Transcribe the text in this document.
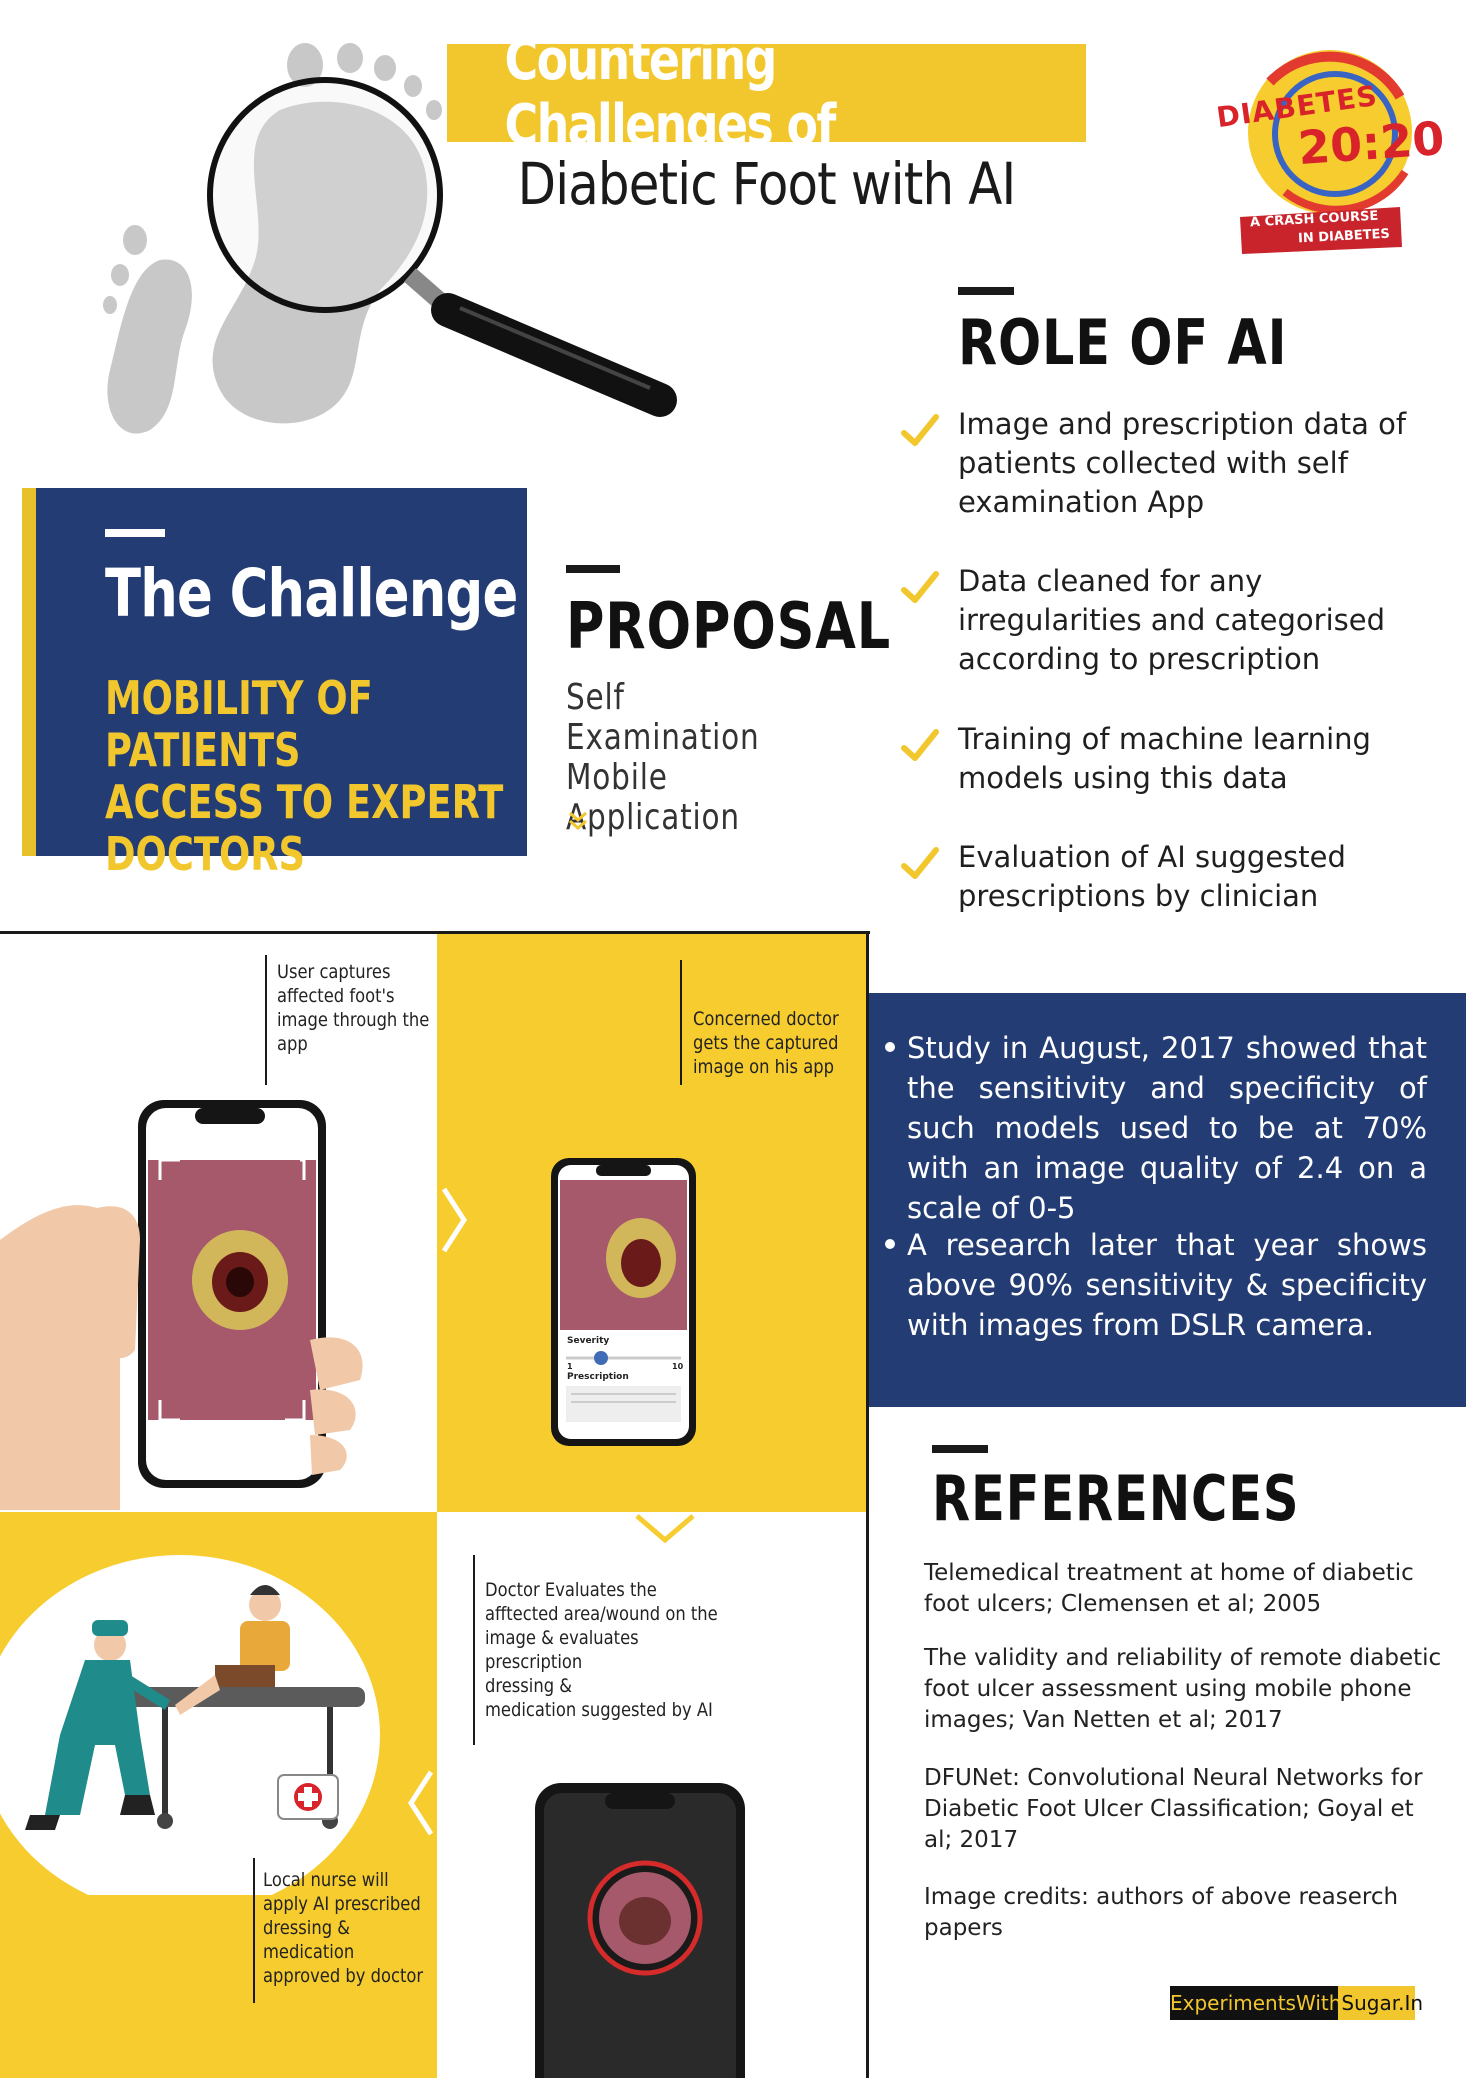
Countering Challenges of
Diabetic Foot with AI
DIABETES
20:20
A CRASH COURSE
IN DIABETES
ROLE OF AI
Image and prescription data of patients collected with self examination App
Data cleaned for any irregularities and categorised according to prescription
Training of machine learning models using this data
Evaluation of AI suggested prescriptions by clinician
The Challenge
MOBILITY OF PATIENTS
ACCESS TO EXPERT
DOCTORS
PROPOSAL
Self
Examination
Mobile Application
User captures
affected foot's
image through the
app
Concerned doctor
gets the captured
image on his app
Severity
1	10
Prescription
Doctor Evaluates the
afftected area/wound on the
image & evaluates
prescription
dressing &
medication suggested by AI
Local nurse will
apply AI prescribed
dressing &
medication
approved by doctor
Study in August, 2017 showed that the sensitivity and specificity of such models used to be at 70% with an image quality of 2.4 on a scale of 0-5
A research later that year shows above 90% sensitivity & specificity with images from DSLR camera.
REFERENCES
Telemedical treatment at home of diabetic foot ulcers; Clemensen et al; 2005
The validity and reliability of remote diabetic foot ulcer assessment using mobile phone images; Van Netten et al; 2017
DFUNet: Convolutional Neural Networks for Diabetic Foot Ulcer Classification; Goyal et al; 2017
Image credits: authors of above reaserch papers
ExperimentsWithSugar.In
